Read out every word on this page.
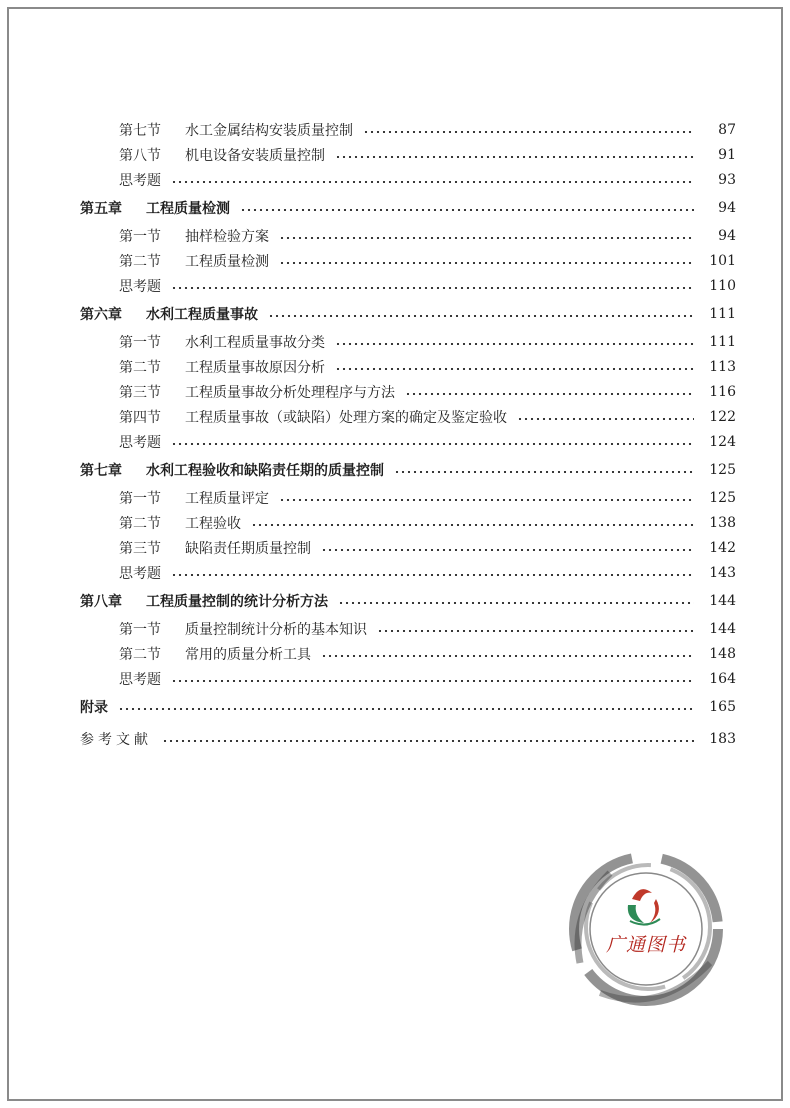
第七节	水工金属结构安装质量控制	87
第八节	机电设备安装质量控制	91
思考题	93
第五章	工程质量检测	94
第一节	抽样检验方案	94
第二节	工程质量检测	101
思考题	110
第六章	水利工程质量事故	111
第一节	水利工程质量事故分类	111
第二节	工程质量事故原因分析	113
第三节	工程质量事故分析处理程序与方法	116
第四节	工程质量事故（或缺陷）处理方案的确定及鉴定验收	122
思考题	124
第七章	水利工程验收和缺陷责任期的质量控制	125
第一节	工程质量评定	125
第二节	工程验收	138
第三节	缺陷责任期质量控制	142
思考题	143
第八章	工程质量控制的统计分析方法	144
第一节	质量控制统计分析的基本知识	144
第二节	常用的质量分析工具	148
思考题	164
附录	165
参考文献	183
广通图书
